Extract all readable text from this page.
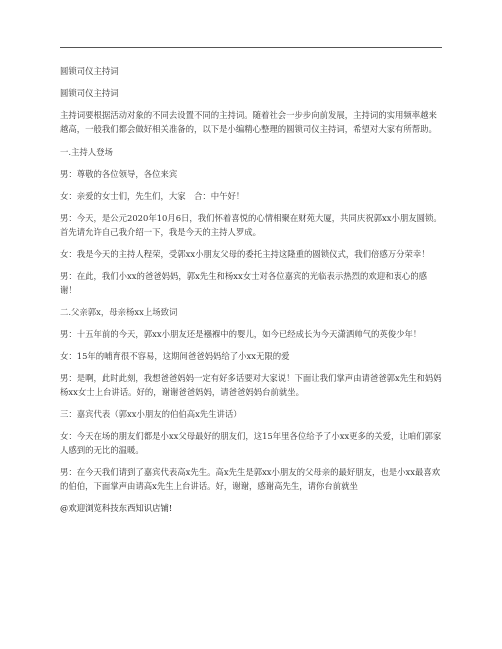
圆锁司仪主持词

圆锁司仪主持词

主持词要根据活动对象的不同去设置不同的主持词。随着社会一步步向前发展，主持词的实用频率越来越高，一般我们都会做好相关准备的，以下是小编精心整理的圆锁司仪主持词，希望对大家有所帮助。

一.主持人登场

男：尊敬的各位领导，各位来宾

女：亲爱的女士们，先生们，大家　合：中午好！

男：今天，是公元2020年10月6日，我们怀着喜悦的心情相聚在财苑大厦，共同庆祝郭xx小朋友圆锁。首先请允许自己我介绍一下，我是今天的主持人罗成。

女：我是今天的主持人程荣，受郭xx小朋友父母的委托主持这隆重的圆锁仪式，我们倍感万分荣幸！

男：在此，我们小xx的爸爸妈妈，郭x先生和杨xx女士对各位嘉宾的光临表示热烈的欢迎和衷心的感谢！

二.父亲郭x，母亲杨xx上场致词

男：十五年前的今天，郭xx小朋友还是襁褓中的婴儿，如今已经成长为今天潇洒帅气的英俊少年！

女：15年的哺育很不容易，这期间爸爸妈妈给了小xx无限的爱

男：是啊，此时此刻，我想爸爸妈妈一定有好多话要对大家说！下面让我们掌声由请爸爸郭x先生和妈妈杨xx女士上台讲话。好的，谢谢爸爸妈妈，请爸爸妈妈台前就坐。

三：嘉宾代表（郭xx小朋友的伯伯高x先生讲话）

女：今天在场的朋友们都是小xx父母最好的朋友们，这15年里各位给予了小xx更多的关爱，让咱们郭家人感到的无比的温暖。

男：在今天我们请到了嘉宾代表高x先生。高x先生是郭xx小朋友的父母亲的最好朋友，也是小xx最喜欢的伯伯，下面掌声由请高x先生上台讲话。好，谢谢，感谢高先生，请你台前就坐

@欢迎浏览科技东西知识店铺!
